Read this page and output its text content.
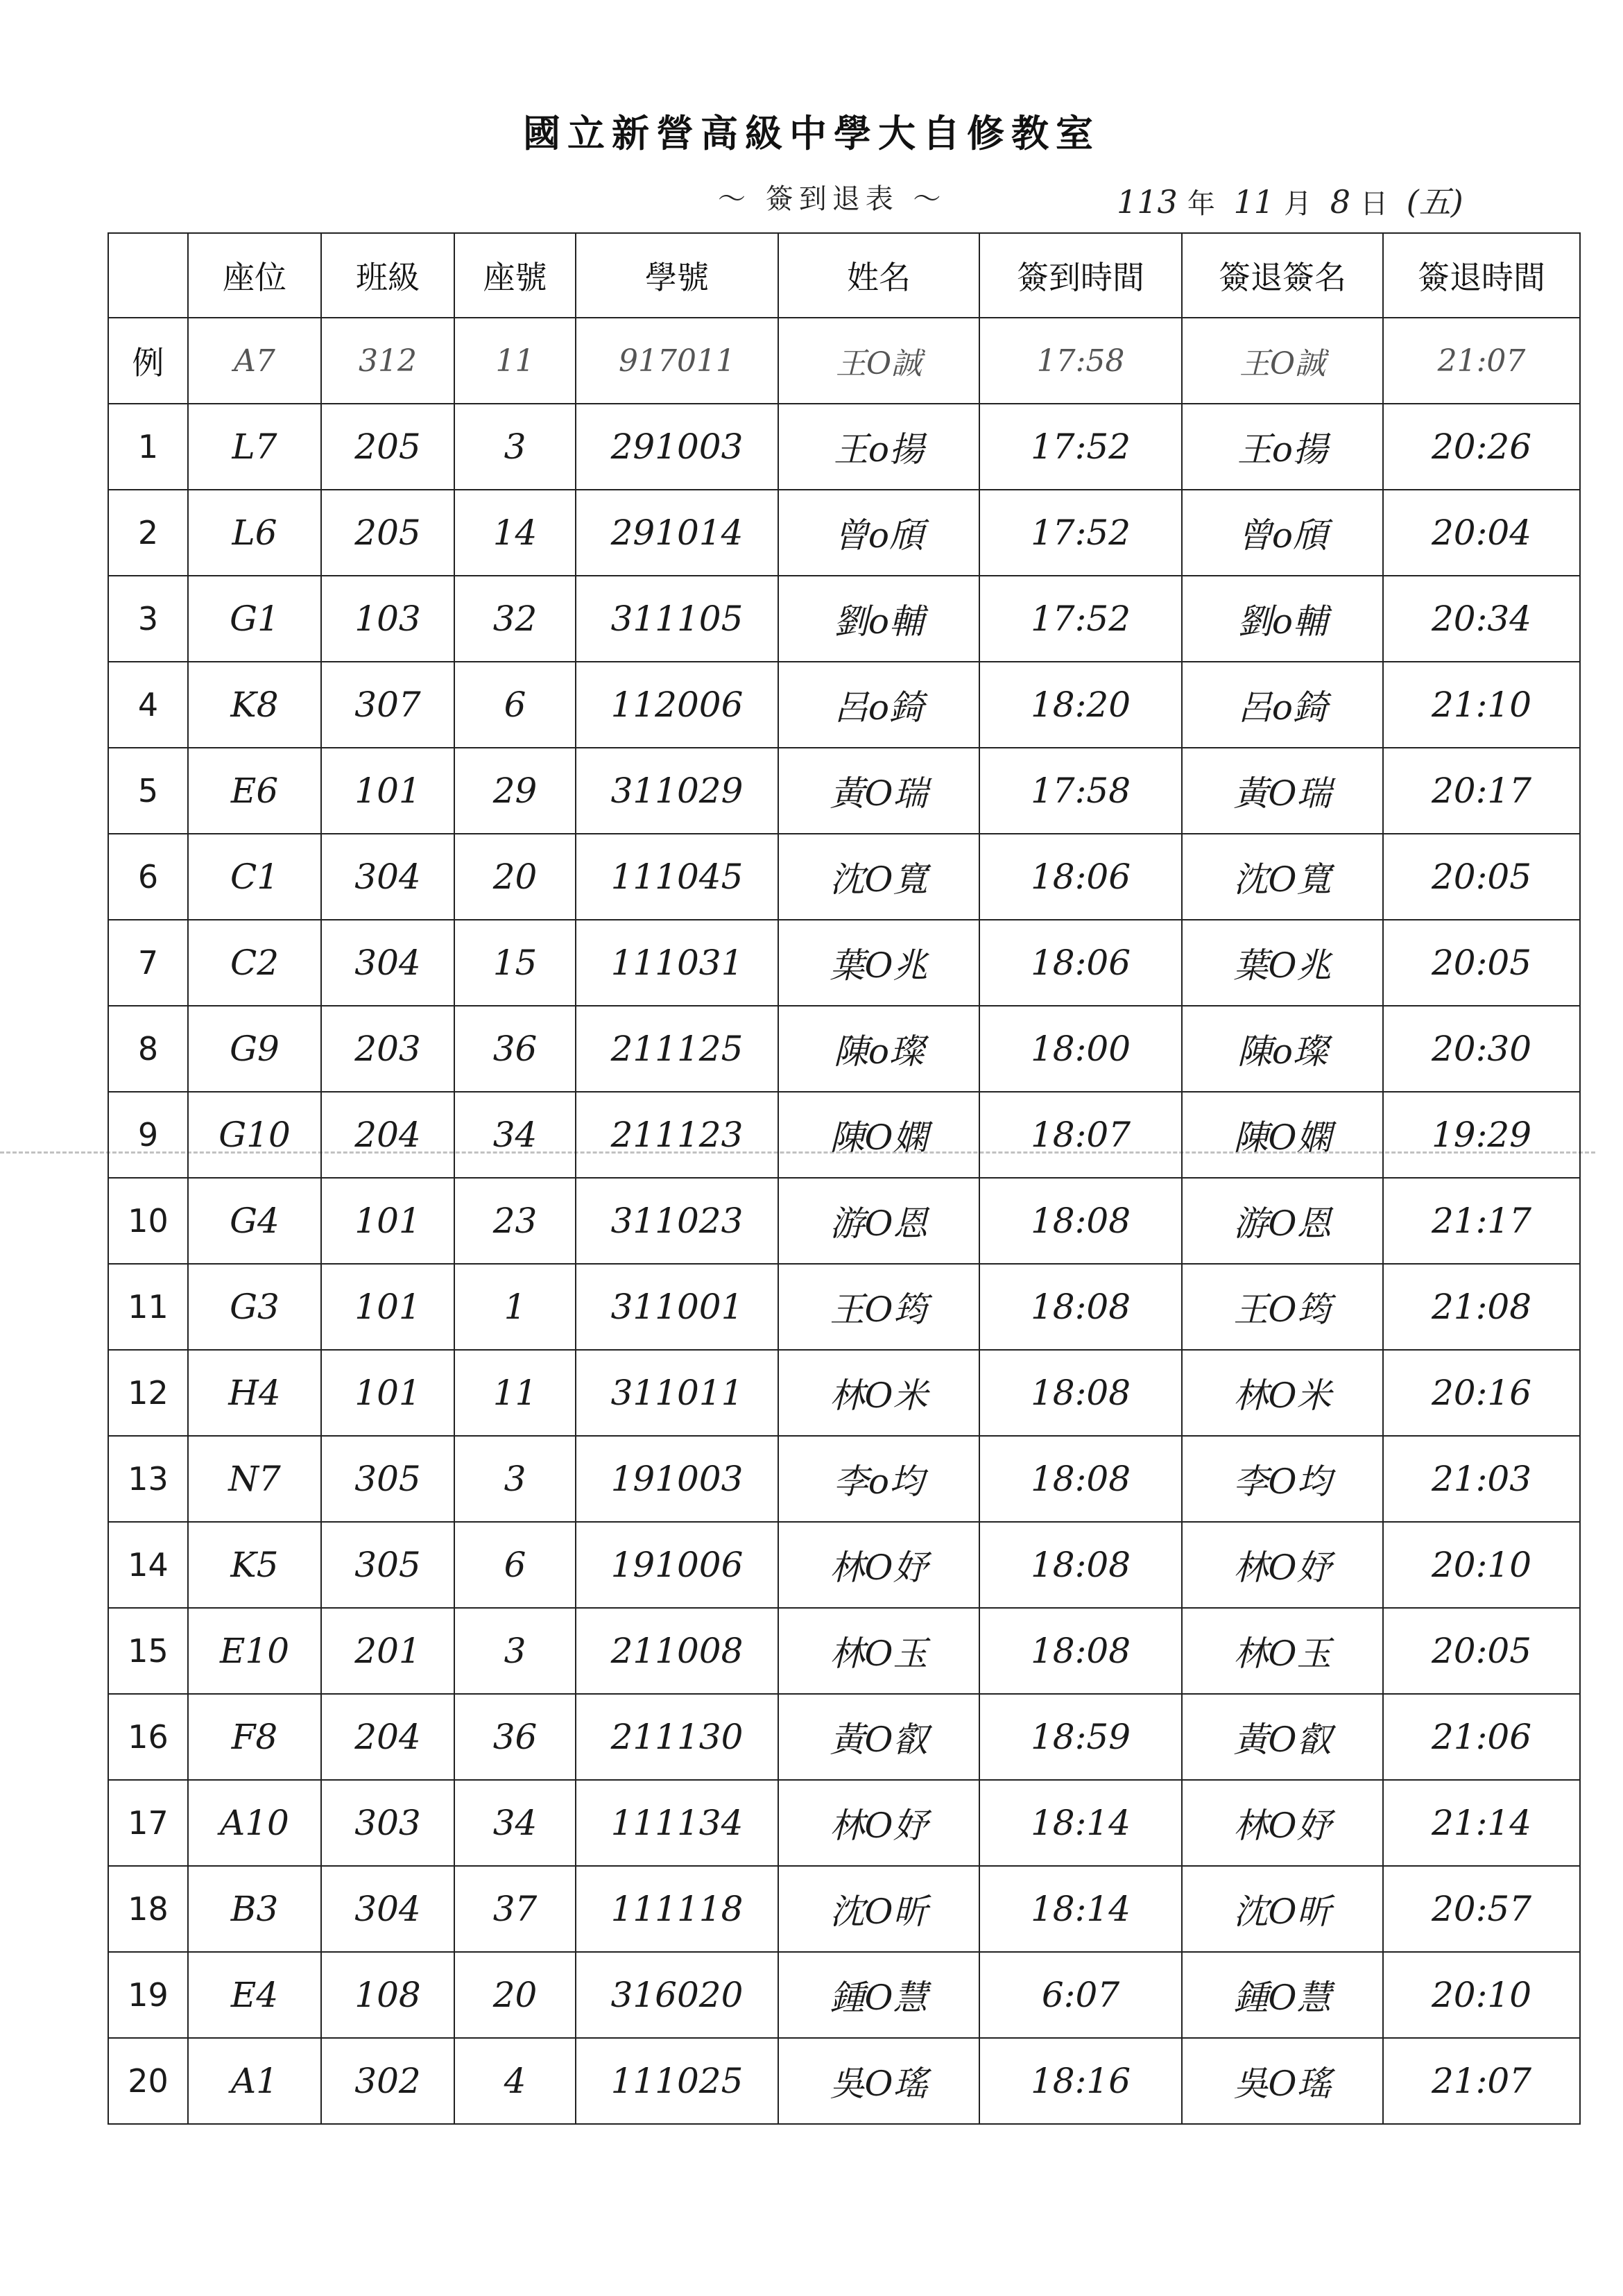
國立新營高級中學大自修教室
～ 簽到退表 ～	113 年 11 月 8 日 (五)
	座位	班級	座號	學號	姓名	簽到時間	簽退簽名	簽退時間
例	A7	312	11	917011	王O誠	17:58	王O誠	21:07
1	L7	205	3	291003	王o揚	17:52	王o揚	20:26
2	L6	205	14	291014	曾o頎	17:52	曾o頎	20:04
3	G1	103	32	311105	劉o輔	17:52	劉o輔	20:34
4	K8	307	6	112006	呂o錡	18:20	呂o錡	21:10
5	E6	101	29	311029	黃O瑞	17:58	黃O瑞	20:17
6	C1	304	20	111045	沈O寬	18:06	沈O寬	20:05
7	C2	304	15	111031	葉O兆	18:06	葉O兆	20:05
8	G9	203	36	211125	陳o璨	18:00	陳o璨	20:30
9	G10	204	34	211123	陳O嫻	18:07	陳O嫻	19:29
10	G4	101	23	311023	游O恩	18:08	游O恩	21:17
11	G3	101	1	311001	王O筠	18:08	王O筠	21:08
12	H4	101	11	311011	林O米	18:08	林O米	20:16
13	N7	305	3	191003	李o均	18:08	李O均	21:03
14	K5	305	6	191006	林O妤	18:08	林O妤	20:10
15	E10	201	3	211008	林O玉	18:08	林O玉	20:05
16	F8	204	36	211130	黃O叡	18:59	黃O叡	21:06
17	A10	303	34	111134	林O妤	18:14	林O妤	21:14
18	B3	304	37	111118	沈O昕	18:14	沈O昕	20:57
19	E4	108	20	316020	鍾O慧	6:07	鍾O慧	20:10
20	A1	302	4	111025	吳O瑤	18:16	吳O瑤	21:07
